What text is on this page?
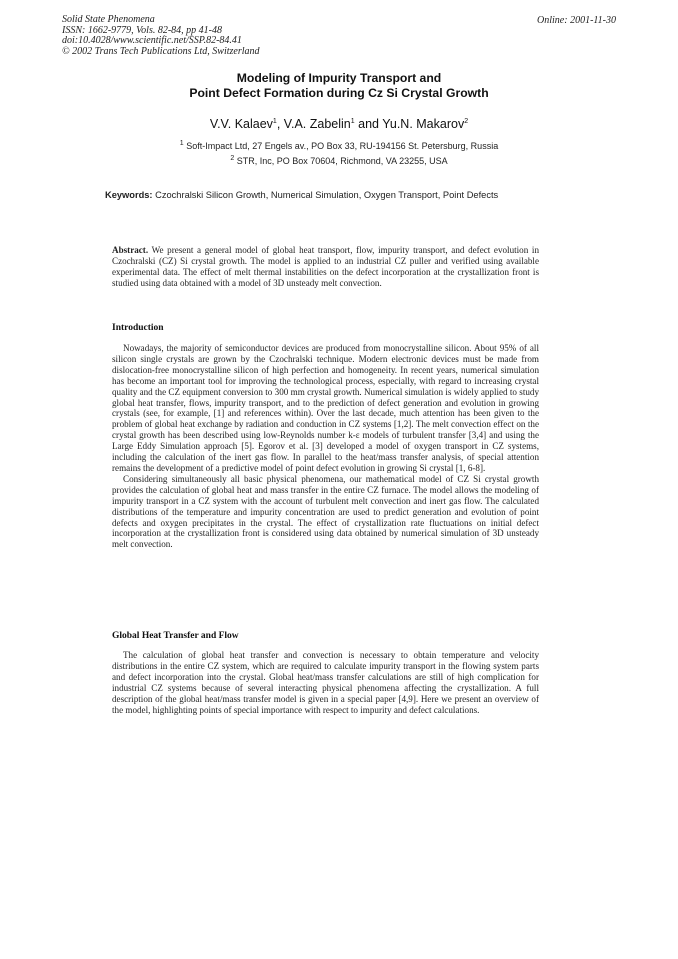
Solid State Phenomena
ISSN: 1662-9779, Vols. 82-84, pp 41-48
doi:10.4028/www.scientific.net/SSP.82-84.41
© 2002 Trans Tech Publications Ltd, Switzerland
Online: 2001-11-30
Modeling of Impurity Transport and
Point Defect Formation during Cz Si Crystal Growth
V.V. Kalaev$^1$, V.A. Zabelin$^1$ and Yu.N. Makarov$^2$
$^1$ Soft-Impact Ltd, 27 Engels av., PO Box 33, RU-194156 St. Petersburg, Russia
$^2$ STR, Inc, PO Box 70604, Richmond, VA 23255, USA
Keywords: Czochralski Silicon Growth, Numerical Simulation, Oxygen Transport, Point Defects

Abstract. We present a general model of global heat transport, flow, impurity transport, and defect evolution in Czochralski (CZ) Si crystal growth. The model is applied to an industrial CZ puller and verified using available experimental data. The effect of melt thermal instabilities on the defect incorporation at the crystallization front is studied using data obtained with a model of 3D unsteady melt convection.

Introduction

Nowadays, the majority of semiconductor devices are produced from monocrystalline silicon. About 95% of all silicon single crystals are grown by the Czochralski technique. Modern electronic devices must be made from dislocation-free monocrystalline silicon of high perfection and homogeneity. In recent years, numerical simulation has become an important tool for improving the technological process, especially, with regard to increasing crystal quality and the CZ equipment conversion to 300 mm crystal growth. Numerical simulation is widely applied to study global heat transfer, flows, impurity transport, and to the prediction of defect generation and evolution in growing crystals (see, for example, [1] and references within). Over the last decade, much attention has been given to the problem of global heat exchange by radiation and conduction in CZ systems [1,2]. The melt convection effect on the crystal growth has been described using low-Reynolds number k-ε models of turbulent transfer [3,4] and using the Large Eddy Simulation approach [5]. Egorov et al. [3] developed a model of oxygen transport in CZ systems, including the calculation of the inert gas flow. In parallel to the heat/mass transfer analysis, of special attention remains the development of a predictive model of point defect evolution in growing Si crystal [1, 6-8].

Considering simultaneously all basic physical phenomena, our mathematical model of CZ Si crystal growth provides the calculation of global heat and mass transfer in the entire CZ furnace. The model allows the modeling of impurity transport in a CZ system with the account of turbulent melt convection and inert gas flow. The calculated distributions of the temperature and impurity concentration are used to predict generation and evolution of point defects and oxygen precipitates in the crystal. The effect of crystallization rate fluctuations on initial defect incorporation at the crystallization front is considered using data obtained by numerical simulation of 3D unsteady melt convection.

Global Heat Transfer and Flow

The calculation of global heat transfer and convection is necessary to obtain temperature and velocity distributions in the entire CZ system, which are required to calculate impurity transport in the flowing system parts and defect incorporation into the crystal. Global heat/mass transfer calculations are still of high complication for industrial CZ systems because of several interacting physical phenomena affecting the crystallization. A full description of the global heat/mass transfer model is given in a special paper [4,9]. Here we present an overview of the model, highlighting points of special importance with respect to impurity and defect calculations.
